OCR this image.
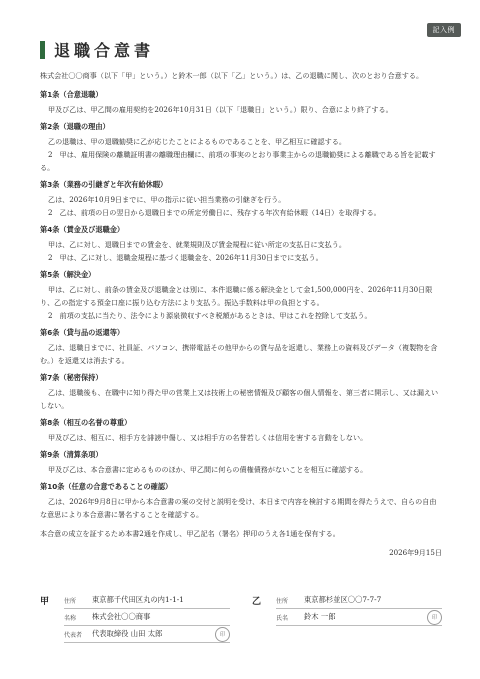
記入例
退職合意書

株式会社〇〇商事（以下「甲」という。）と鈴木一郎（以下「乙」という。）は、乙の退職に関し、次のとおり合意する。

第1条（合意退職）

甲及び乙は、甲乙間の雇用契約を2026年10月31日（以下「退職日」という。）限り、合意により終了する。

第2条（退職の理由）

乙の退職は、甲の退職勧奨に乙が応じたことによるものであることを、甲乙相互に確認する。

2　甲は、雇用保険の離職証明書の離職理由欄に、前項の事実のとおり事業主からの退職勧奨による離職である旨を記載する。

第3条（業務の引継ぎと年次有給休暇）

乙は、2026年10月9日までに、甲の指示に従い担当業務の引継ぎを行う。

2　乙は、前項の日の翌日から退職日までの所定労働日に、残存する年次有給休暇（14日）を取得する。

第4条（賃金及び退職金）

甲は、乙に対し、退職日までの賃金を、就業規則及び賃金規程に従い所定の支払日に支払う。

2　甲は、乙に対し、退職金規程に基づく退職金を、2026年11月30日までに支払う。

第5条（解決金）

甲は、乙に対し、前条の賃金及び退職金とは別に、本件退職に係る解決金として金1,500,000円を、2026年11月30日限り、乙の指定する預金口座に振り込む方法により支払う。振込手数料は甲の負担とする。

2　前項の支払に当たり、法令により源泉徴収すべき税額があるときは、甲はこれを控除して支払う。

第6条（貸与品の返還等）

乙は、退職日までに、社員証、パソコン、携帯電話その他甲からの貸与品を返還し、業務上の資料及びデータ（複製物を含む。）を返還又は消去する。

第7条（秘密保持）

乙は、退職後も、在職中に知り得た甲の営業上又は技術上の秘密情報及び顧客の個人情報を、第三者に開示し、又は漏えいしない。

第8条（相互の名誉の尊重）

甲及び乙は、相互に、相手方を誹謗中傷し、又は相手方の名誉若しくは信用を害する言動をしない。

第9条（清算条項）

甲及び乙は、本合意書に定めるもののほか、甲乙間に何らの債権債務がないことを相互に確認する。

第10条（任意の合意であることの確認）

乙は、2026年9月8日に甲から本合意書の案の交付と説明を受け、本日まで内容を検討する期間を得たうえで、自らの自由な意思により本合意書に署名することを確認する。

本合意の成立を証するため本書2通を作成し、甲乙記名（署名）押印のうえ各1通を保有する。

2026年9月15日

甲	住所	東京都千代田区丸の内1-1-1
名称	株式会社〇〇商事
代表者	代表取締役 山田 太郎	印
乙	住所	東京都杉並区〇〇7-7-7
氏名	鈴木 一郎	印
